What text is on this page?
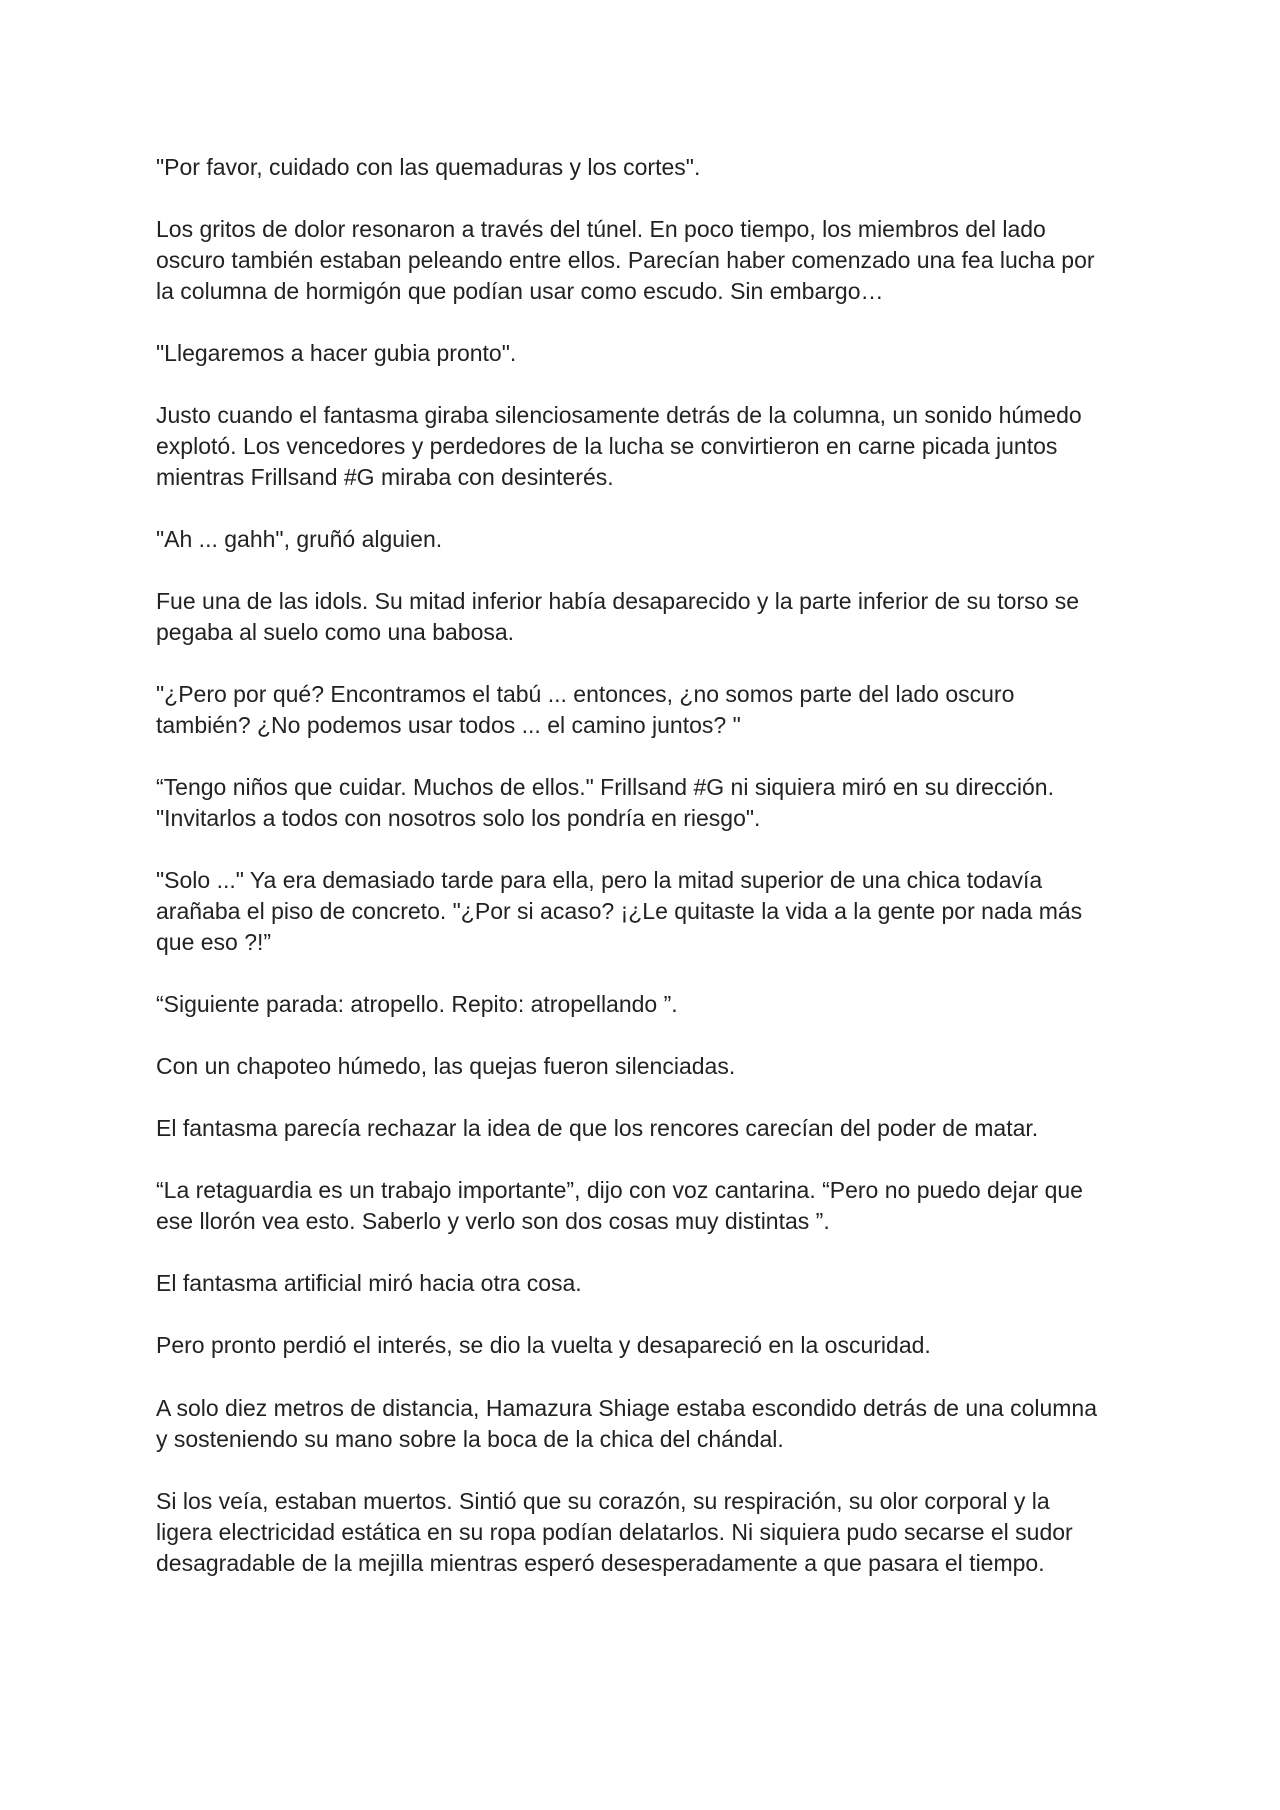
"Por favor, cuidado con las quemaduras y los cortes".

Los gritos de dolor resonaron a través del túnel. En poco tiempo, los miembros del lado
oscuro también estaban peleando entre ellos. Parecían haber comenzado una fea lucha por
la columna de hormigón que podían usar como escudo. Sin embargo…

"Llegaremos a hacer gubia pronto".

Justo cuando el fantasma giraba silenciosamente detrás de la columna, un sonido húmedo
explotó. Los vencedores y perdedores de la lucha se convirtieron en carne picada juntos
mientras Frillsand #G miraba con desinterés.

"Ah ... gahh", gruñó alguien.

Fue una de las idols. Su mitad inferior había desaparecido y la parte inferior de su torso se
pegaba al suelo como una babosa.

"¿Pero por qué? Encontramos el tabú ... entonces, ¿no somos parte del lado oscuro
también? ¿No podemos usar todos ... el camino juntos? "

“Tengo niños que cuidar. Muchos de ellos." Frillsand #G ni siquiera miró en su dirección.
"Invitarlos a todos con nosotros solo los pondría en riesgo".

"Solo ..." Ya era demasiado tarde para ella, pero la mitad superior de una chica todavía
arañaba el piso de concreto. "¿Por si acaso? ¡¿Le quitaste la vida a la gente por nada más
que eso ?!”

“Siguiente parada: atropello. Repito: atropellando ”.

Con un chapoteo húmedo, las quejas fueron silenciadas.

El fantasma parecía rechazar la idea de que los rencores carecían del poder de matar.

“La retaguardia es un trabajo importante”, dijo con voz cantarina. “Pero no puedo dejar que
ese llorón vea esto. Saberlo y verlo son dos cosas muy distintas ”.

El fantasma artificial miró hacia otra cosa.

Pero pronto perdió el interés, se dio la vuelta y desapareció en la oscuridad.

A solo diez metros de distancia, Hamazura Shiage estaba escondido detrás de una columna
y sosteniendo su mano sobre la boca de la chica del chándal.

Si los veía, estaban muertos. Sintió que su corazón, su respiración, su olor corporal y la
ligera electricidad estática en su ropa podían delatarlos. Ni siquiera pudo secarse el sudor
desagradable de la mejilla mientras esperó desesperadamente a que pasara el tiempo.
